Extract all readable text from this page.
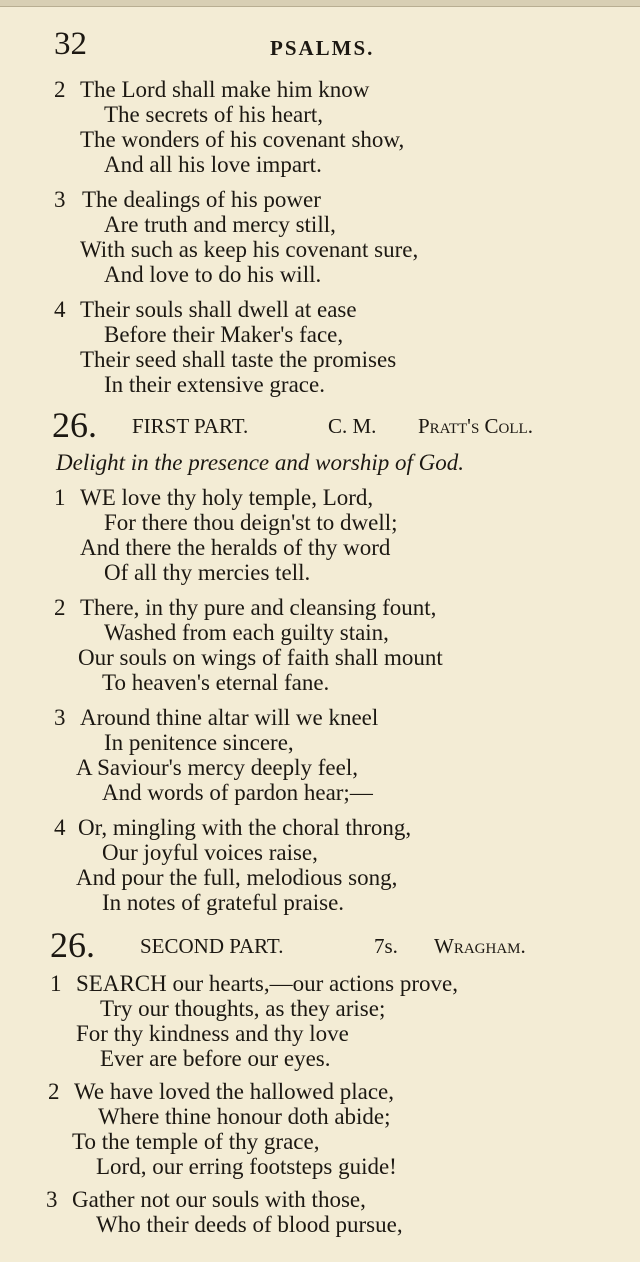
32	PSALMS.
2 The Lord shall make him know
The secrets of his heart,
The wonders of his covenant show,
And all his love impart.
3 The dealings of his power
Are truth and mercy still,
With such as keep his covenant sure,
And love to do his will.
4 Their souls shall dwell at ease
Before their Maker's face,
Their seed shall taste the promises
In their extensive grace.
26. FIRST PART.	C. M. Pratt's Coll.
Delight in the presence and worship of God.
1 WE love thy holy temple, Lord,
For there thou deign'st to dwell;
And there the heralds of thy word
Of all thy mercies tell.
2 There, in thy pure and cleansing fount,
Washed from each guilty stain,
Our souls on wings of faith shall mount
To heaven's eternal fane.
3 Around thine altar will we kneel
In penitence sincere,
A Saviour's mercy deeply feel,
And words of pardon hear;—
4 Or, mingling with the choral throng,
Our joyful voices raise,
And pour the full, melodious song,
In notes of grateful praise.
26. SECOND PART.	7s. Wragham.
1 SEARCH our hearts,—our actions prove,
Try our thoughts, as they arise;
For thy kindness and thy love
Ever are before our eyes.
2 We have loved the hallowed place,
Where thine honour doth abide;
To the temple of thy grace,
Lord, our erring footsteps guide!
3 Gather not our souls with those,
Who their deeds of blood pursue,
